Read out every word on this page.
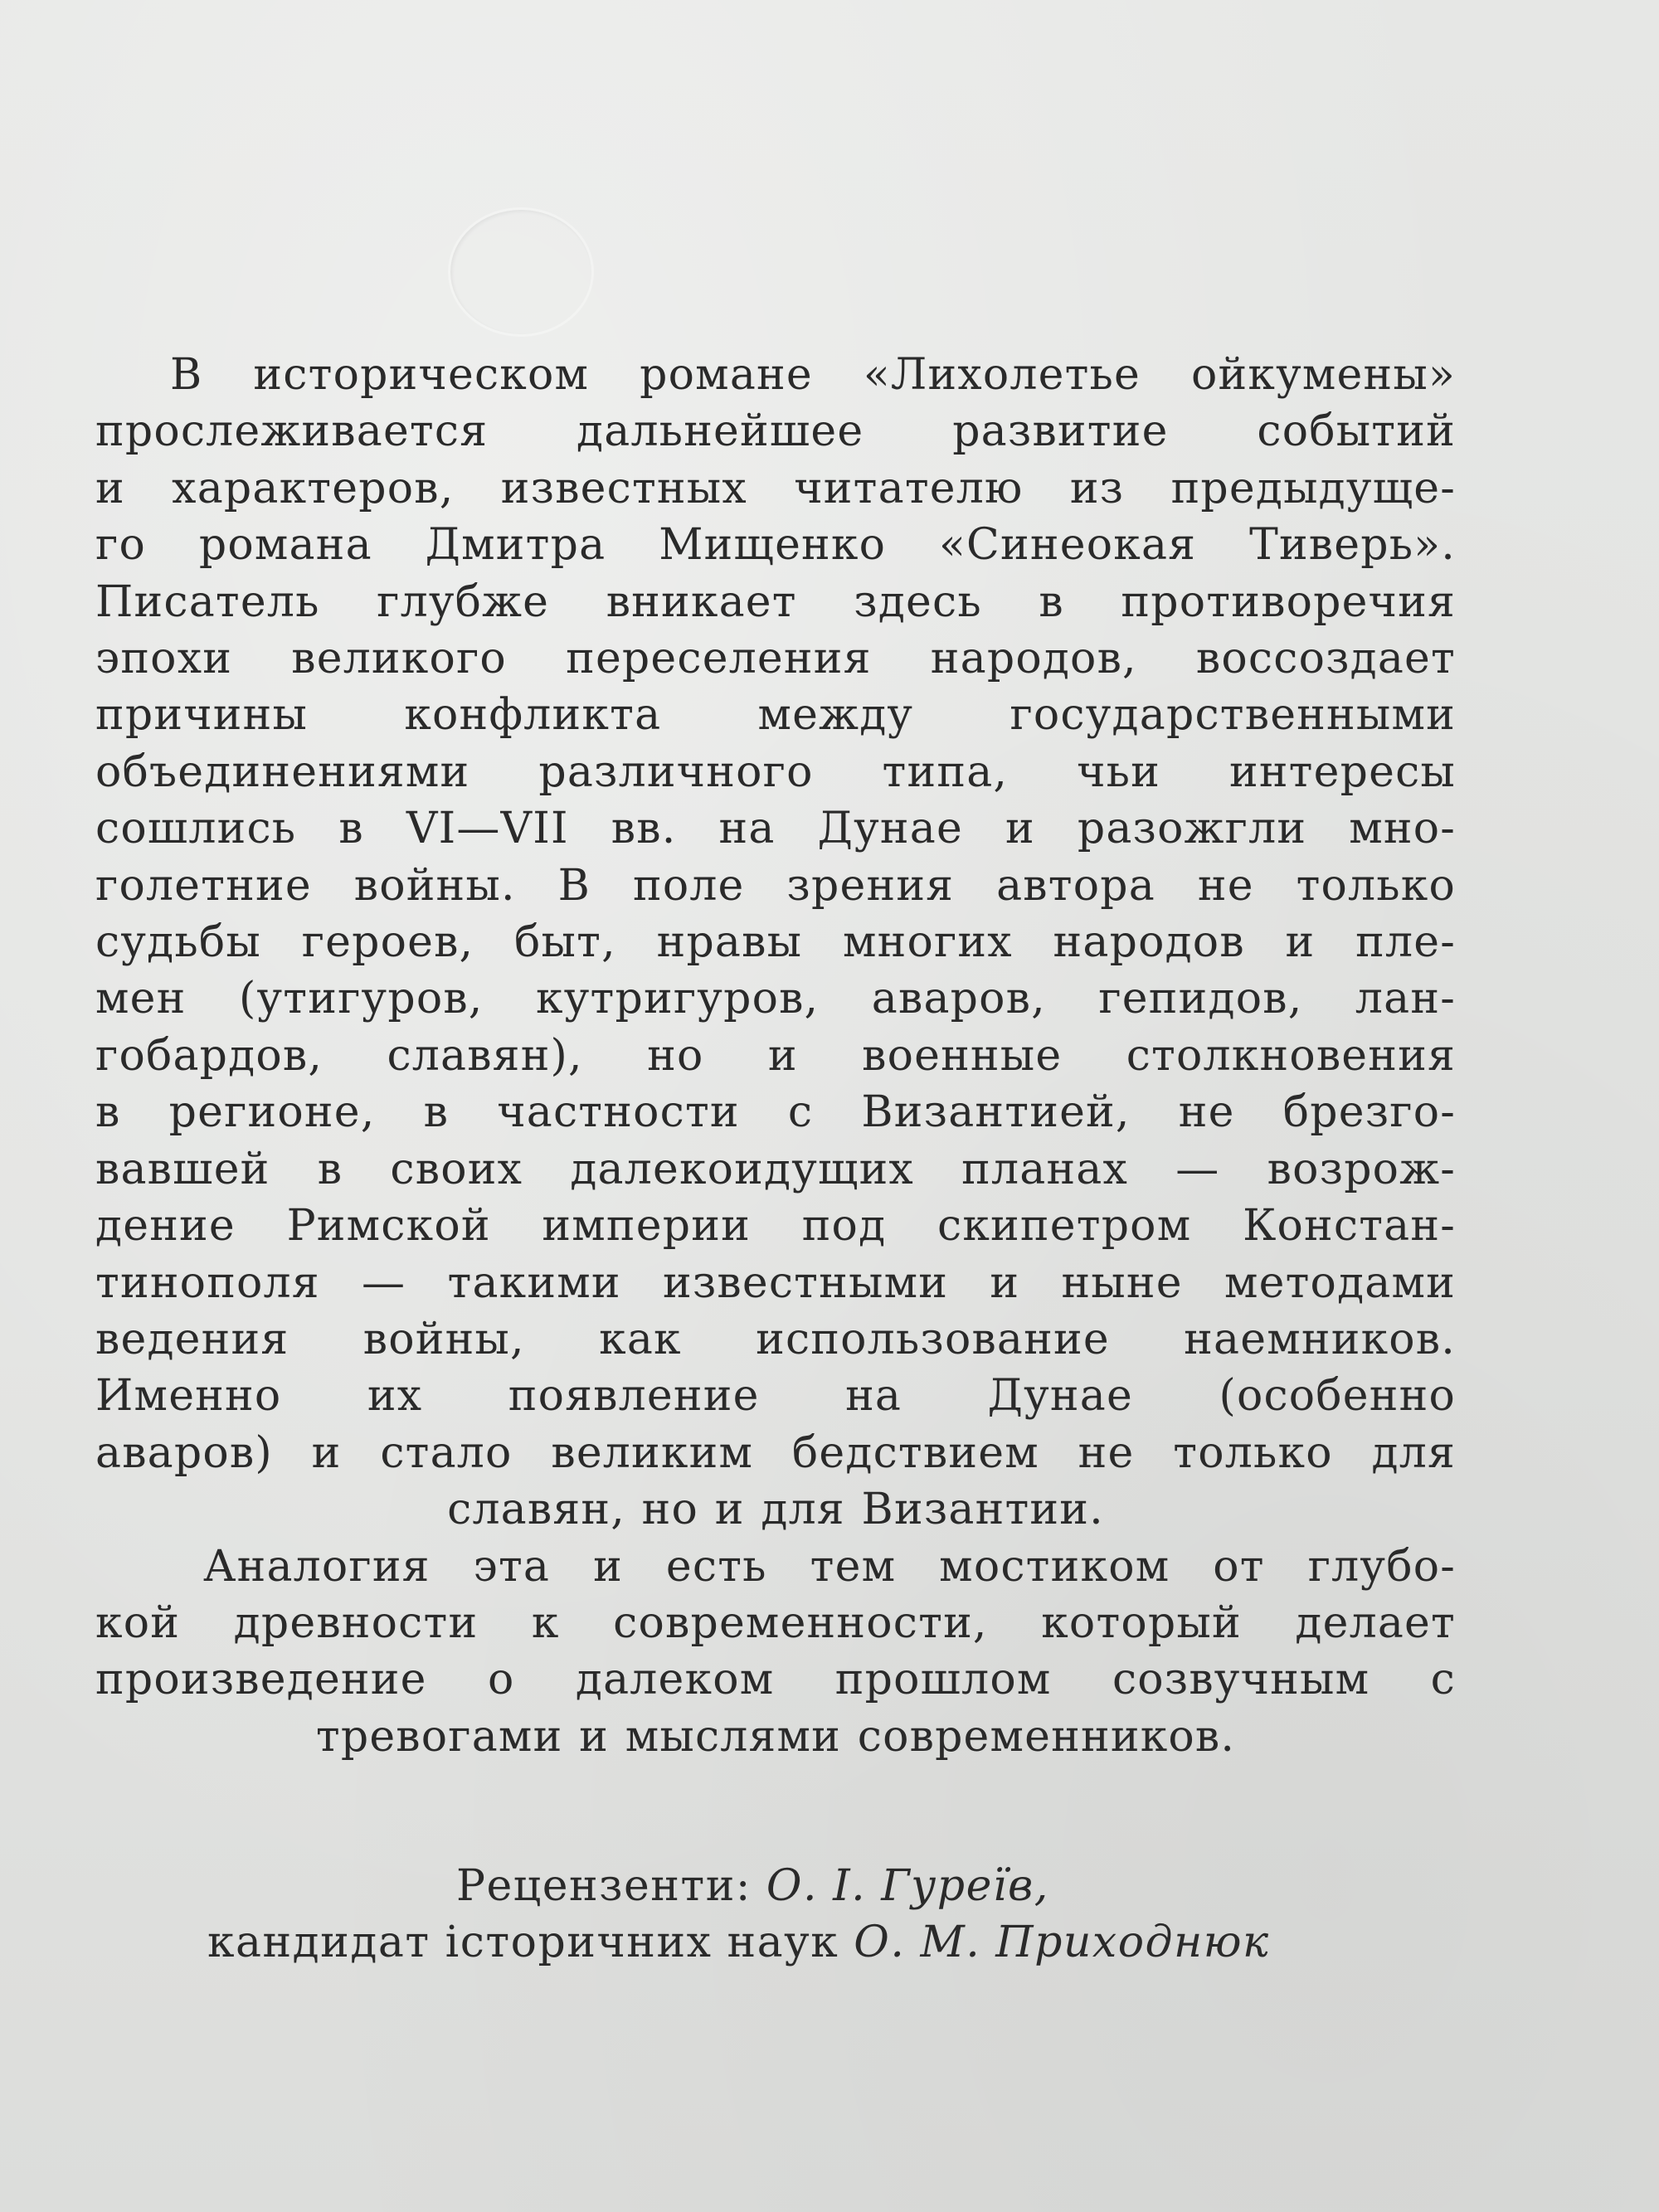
В историческом романе «Лихолетье ойкумены»
прослеживается дальнейшее развитие событий
и характеров, известных читателю из предыдуще-
го романа Дмитра Мищенко «Синеокая Тиверь».
Писатель глубже вникает здесь в противоречия
эпохи великого переселения народов, воссоздает
причины конфликта между государственными
объединениями различного типа, чьи интересы
сошлись в VI—VII вв. на Дунае и разожгли мно-
голетние войны. В поле зрения автора не только
судьбы героев, быт, нравы многих народов и пле-
мен (утигуров, кутригуров, аваров, гепидов, лан-
гобардов, славян), но и военные столкновения
в регионе, в частности с Византией, не брезго-
вавшей в своих далекоидущих планах — возрож-
дение Римской империи под скипетром Констан-
тинополя — такими известными и ныне методами
ведения войны, как использование наемников.
Именно их появление на Дунае (особенно
аваров) и стало великим бедствием не только для
славян, но и для Византии.
Аналогия эта и есть тем мостиком от глубо-
кой древности к современности, который делает
произведение о далеком прошлом созвучным с
тревогами и мыслями современников.
Рецензенти: О. І. Гуреїв,
кандидат історичних наук О. М. Приходнюк
